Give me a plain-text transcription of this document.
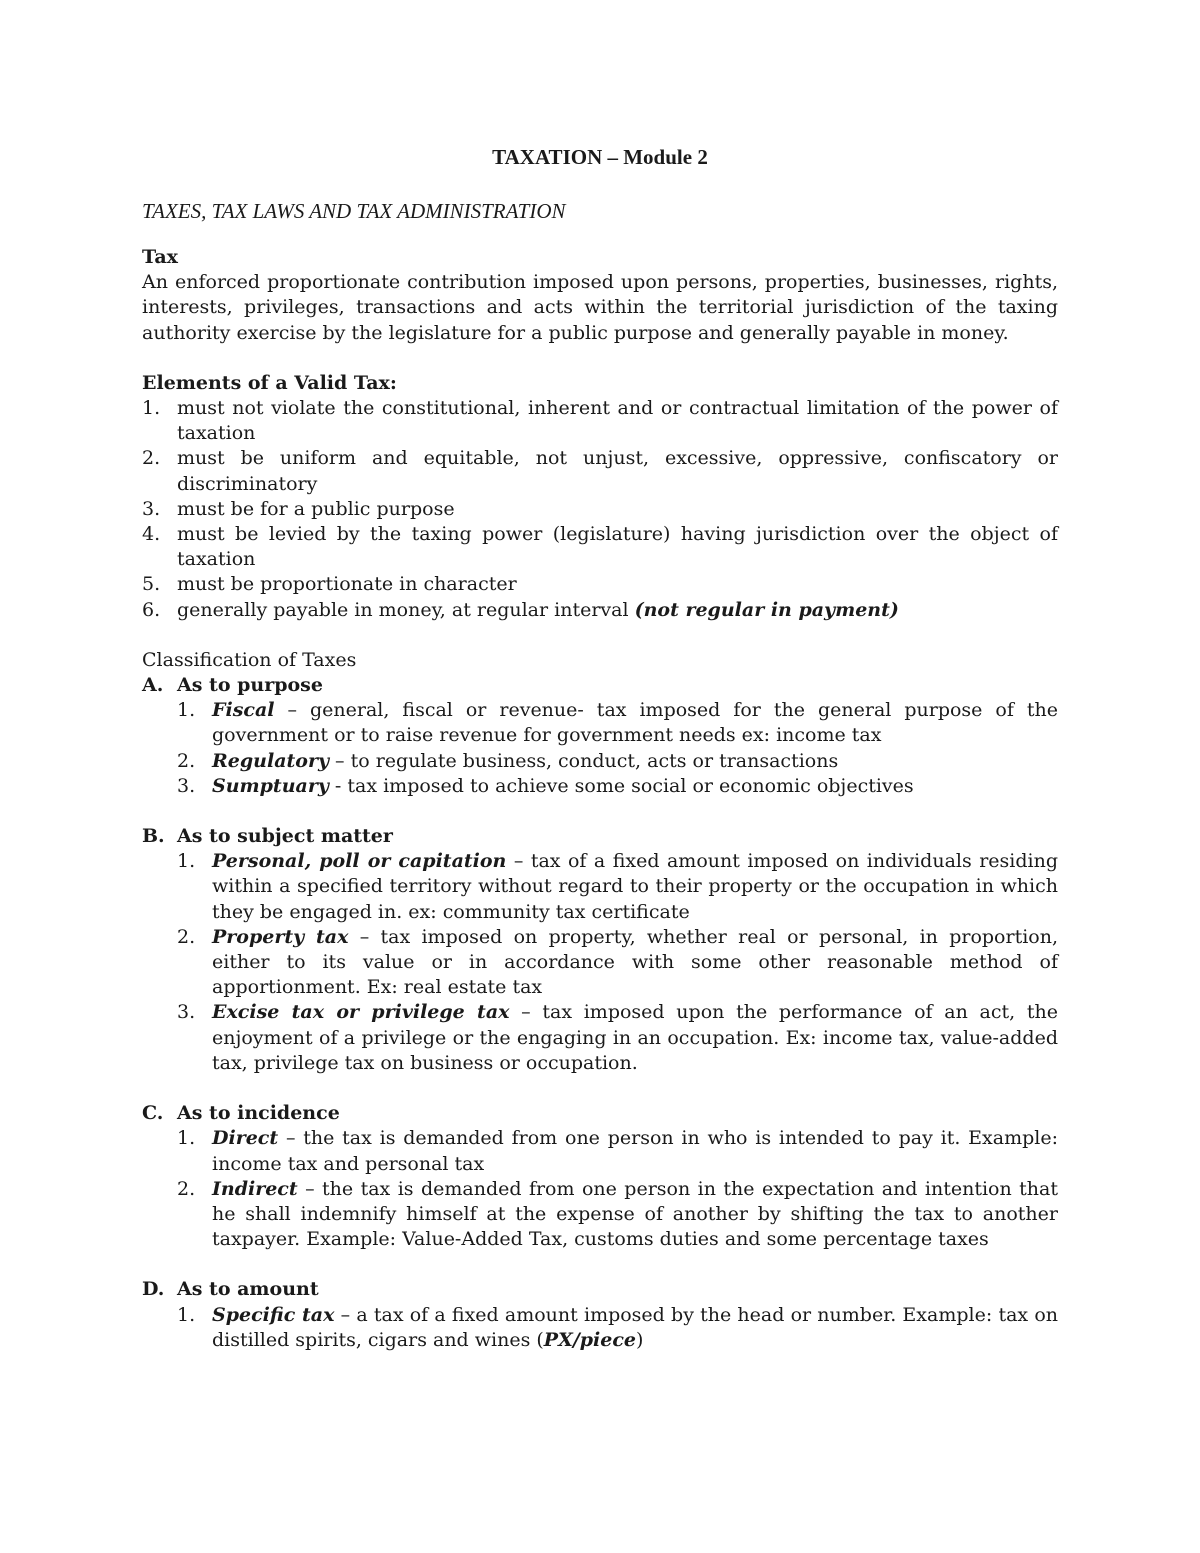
TAXATION – Module 2
TAXES, TAX LAWS AND TAX ADMINISTRATION
Tax

An enforced proportionate contribution imposed upon persons, properties, businesses, rights, interests, privileges, transactions and acts within the territorial jurisdiction of the taxing authority exercise by the legislature for a public purpose and generally payable in money.

Elements of a Valid Tax:
1. must not violate the constitutional, inherent and or contractual limitation of the power of taxation
2. must be uniform and equitable, not unjust, excessive, oppressive, confiscatory or discriminatory
3. must be for a public purpose
4. must be levied by the taxing power (legislature) having jurisdiction over the object of taxation
5. must be proportionate in character
6. generally payable in money, at regular interval (not regular in payment)
Classification of Taxes
A. As to purpose
1. Fiscal – general, fiscal or revenue- tax imposed for the general purpose of the government or to raise revenue for government needs ex: income tax
2. Regulatory – to regulate business, conduct, acts or transactions
3. Sumptuary - tax imposed to achieve some social or economic objectives
B. As to subject matter
1. Personal, poll or capitation – tax of a fixed amount imposed on individuals residing within a specified territory without regard to their property or the occupation in which they be engaged in. ex: community tax certificate
2. Property tax – tax imposed on property, whether real or personal, in proportion, either to its value or in accordance with some other reasonable method of apportionment. Ex: real estate tax
3. Excise tax or privilege tax – tax imposed upon the performance of an act, the enjoyment of a privilege or the engaging in an occupation. Ex: income tax, value-added tax, privilege tax on business or occupation.
C. As to incidence
1. Direct – the tax is demanded from one person in who is intended to pay it. Example: income tax and personal tax
2. Indirect – the tax is demanded from one person in the expectation and intention that he shall indemnify himself at the expense of another by shifting the tax to another taxpayer. Example: Value-Added Tax, customs duties and some percentage taxes
D. As to amount
1. Specific tax – a tax of a fixed amount imposed by the head or number. Example: tax on distilled spirits, cigars and wines (PX/piece)
